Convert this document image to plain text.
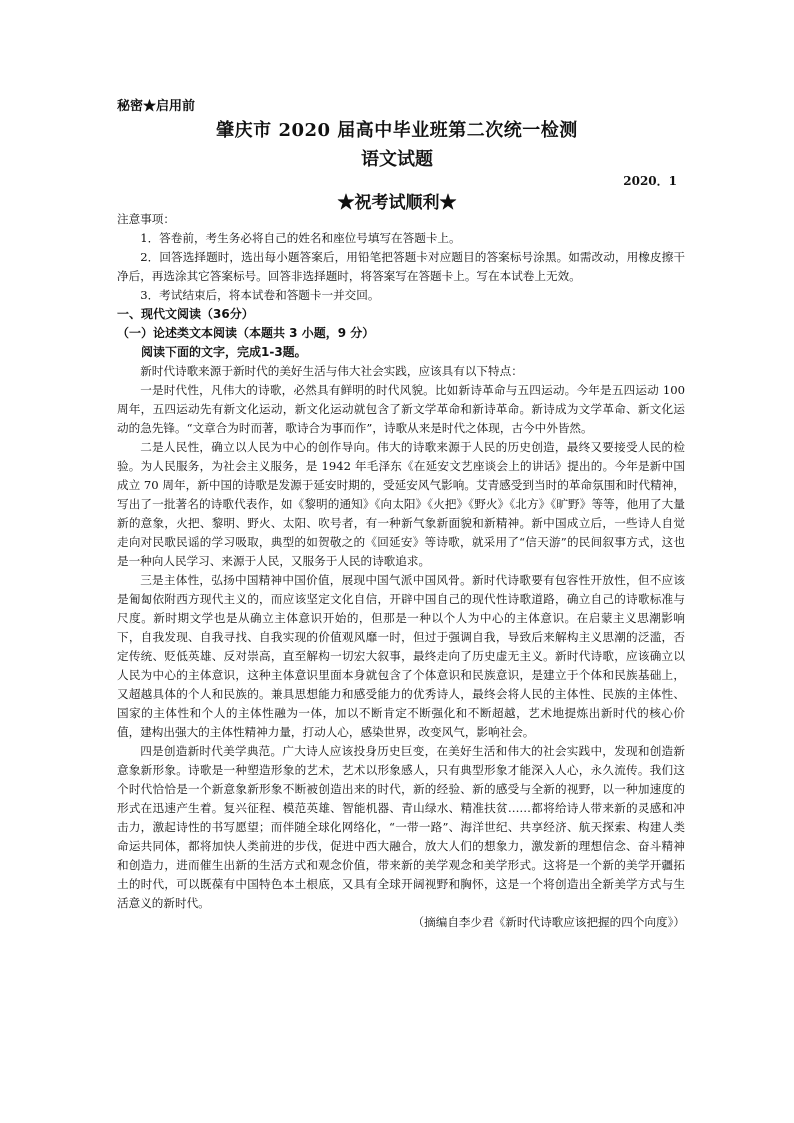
秘密★启用前
肇庆市 2020 届高中毕业班第二次统一检测
语文试题
2020．1
★祝考试顺利★

注意事项：

1．答卷前，考生务必将自己的姓名和座位号填写在答题卡上。

2．回答选择题时，选出每小题答案后，用铅笔把答题卡对应题目的答案标号涂黑。如需改动，用橡皮擦干净后，再选涂其它答案标号。回答非选择题时，将答案写在答题卡上。写在本试卷上无效。

3．考试结束后，将本试卷和答题卡一并交回。

一、现代文阅读（36分）

（一）论述类文本阅读（本题共 3 小题，9 分）

阅读下面的文字，完成1-3题。

新时代诗歌来源于新时代的美好生活与伟大社会实践，应该具有以下特点：

一是时代性，凡伟大的诗歌，必然具有鲜明的时代风貌。比如新诗革命与五四运动。今年是五四运动 100 周年，五四运动先有新文化运动，新文化运动就包含了新文学革命和新诗革命。新诗成为文学革命、新文化运动的急先锋。“文章合为时而著，歌诗合为事而作”，诗歌从来是时代之体现，古今中外皆然。

二是人民性，确立以人民为中心的创作导向。伟大的诗歌来源于人民的历史创造，最终又要接受人民的检验。为人民服务，为社会主义服务，是 1942 年毛泽东《在延安文艺座谈会上的讲话》提出的。今年是新中国成立 70 周年，新中国的诗歌是发源于延安时期的，受延安风气影响。艾青感受到当时的革命氛围和时代精神，写出了一批著名的诗歌代表作，如《黎明的通知》《向太阳》《火把》《野火》《北方》《旷野》等等，他用了大量新的意象，火把、黎明、野火、太阳、吹号者，有一种新气象新面貌和新精神。新中国成立后，一些诗人自觉走向对民歌民谣的学习吸取，典型的如贺敬之的《回延安》等诗歌，就采用了“信天游”的民间叙事方式，这也是一种向人民学习、来源于人民，又服务于人民的诗歌追求。

三是主体性，弘扬中国精神中国价值，展现中国气派中国风骨。新时代诗歌要有包容性开放性，但不应该是匍匐依附西方现代主义的，而应该坚定文化自信，开辟中国自己的现代性诗歌道路，确立自己的诗歌标准与尺度。新时期文学也是从确立主体意识开始的，但那是一种以个人为中心的主体意识。在启蒙主义思潮影响下，自我发现、自我寻找、自我实现的价值观风靡一时，但过于强调自我，导致后来解构主义思潮的泛滥，否定传统、贬低英雄、反对崇高，直至解构一切宏大叙事，最终走向了历史虚无主义。新时代诗歌，应该确立以人民为中心的主体意识，这种主体意识里面本身就包含了个体意识和民族意识，是建立于个体和民族基础上，又超越具体的个人和民族的。兼具思想能力和感受能力的优秀诗人，最终会将人民的主体性、民族的主体性、国家的主体性和个人的主体性融为一体，加以不断肯定不断强化和不断超越，艺术地提炼出新时代的核心价值，建构出强大的主体性精神力量，打动人心，感染世界，改变风气，影响社会。

四是创造新时代美学典范。广大诗人应该投身历史巨变，在美好生活和伟大的社会实践中，发现和创造新意象新形象。诗歌是一种塑造形象的艺术，艺术以形象感人，只有典型形象才能深入人心，永久流传。我们这个时代恰恰是一个新意象新形象不断被创造出来的时代，新的经验、新的感受与全新的视野，以一种加速度的形式在迅速产生着。复兴征程、模范英雄、智能机器、青山绿水、精准扶贫……都将给诗人带来新的灵感和冲击力，激起诗性的书写愿望；而伴随全球化网络化，“一带一路”、海洋世纪、共享经济、航天探索、构建人类命运共同体，都将加快人类前进的步伐，促进中西大融合，放大人们的想象力，激发新的理想信念、奋斗精神和创造力，进而催生出新的生活方式和观念价值，带来新的美学观念和美学形式。这将是一个新的美学开疆拓土的时代，可以既葆有中国特色本土根底，又具有全球开阔视野和胸怀，这是一个将创造出全新美学方式与生活意义的新时代。

（摘编自李少君《新时代诗歌应该把握的四个向度》）
